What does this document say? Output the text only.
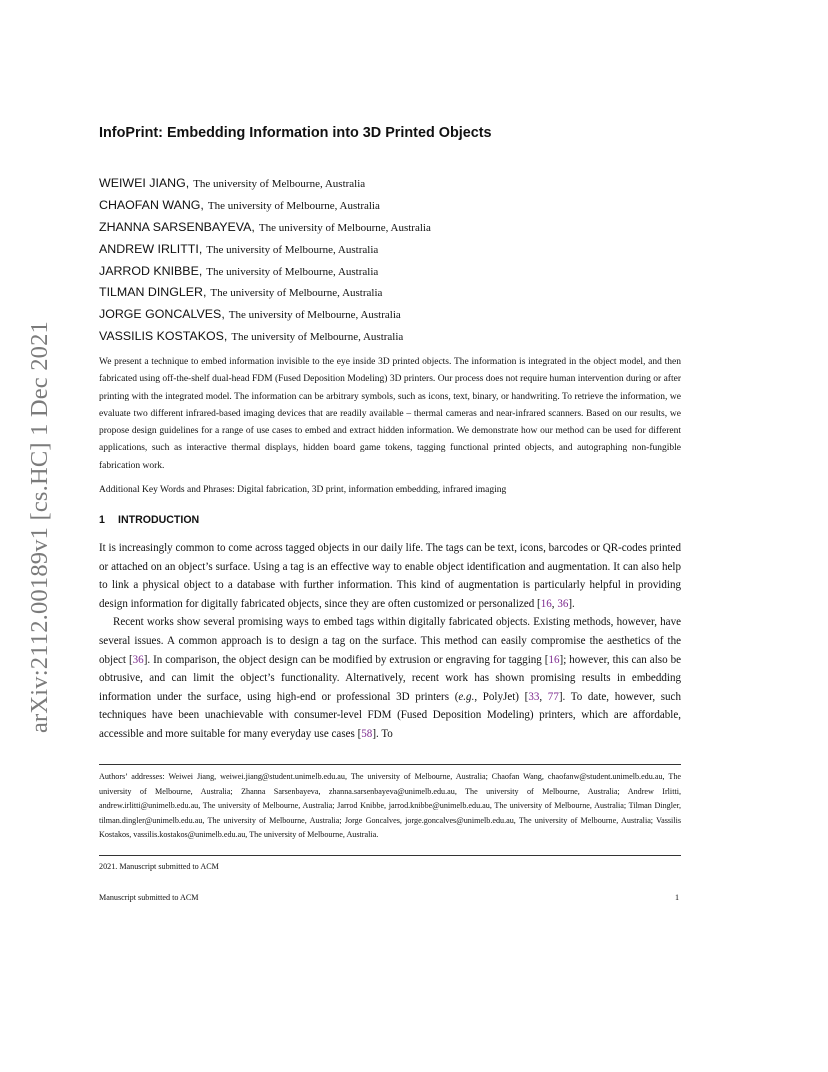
arXiv:2112.00189v1 [cs.HC] 1 Dec 2021
InfoPrint: Embedding Information into 3D Printed Objects
WEIWEI JIANG, The university of Melbourne, Australia
CHAOFAN WANG, The university of Melbourne, Australia
ZHANNA SARSENBAYEVA, The university of Melbourne, Australia
ANDREW IRLITTI, The university of Melbourne, Australia
JARROD KNIBBE, The university of Melbourne, Australia
TILMAN DINGLER, The university of Melbourne, Australia
JORGE GONCALVES, The university of Melbourne, Australia
VASSILIS KOSTAKOS, The university of Melbourne, Australia

We present a technique to embed information invisible to the eye inside 3D printed objects. The information is integrated in the object model, and then fabricated using off-the-shelf dual-head FDM (Fused Deposition Modeling) 3D printers. Our process does not require human intervention during or after printing with the integrated model. The information can be arbitrary symbols, such as icons, text, binary, or handwriting. To retrieve the information, we evaluate two different infrared-based imaging devices that are readily available – thermal cameras and near-infrared scanners. Based on our results, we propose design guidelines for a range of use cases to embed and extract hidden information. We demonstrate how our method can be used for different applications, such as interactive thermal displays, hidden board game tokens, tagging functional printed objects, and autographing non-fungible fabrication work.

Additional Key Words and Phrases: Digital fabrication, 3D print, information embedding, infrared imaging

1 INTRODUCTION

It is increasingly common to come across tagged objects in our daily life. The tags can be text, icons, barcodes or QR-codes printed or attached on an object’s surface. Using a tag is an effective way to enable object identification and augmentation. It can also help to link a physical object to a database with further information. This kind of augmentation is particularly helpful in providing design information for digitally fabricated objects, since they are often customized or personalized [16, 36].

Recent works show several promising ways to embed tags within digitally fabricated objects. Existing methods, however, have several issues. A common approach is to design a tag on the surface. This method can easily compromise the aesthetics of the object [36]. In comparison, the object design can be modified by extrusion or engraving for tagging [16]; however, this can also be obtrusive, and can limit the object’s functionality. Alternatively, recent work has shown promising results in embedding information under the surface, using high-end or professional 3D printers (e.g., PolyJet) [33, 77]. To date, however, such techniques have been unachievable with consumer-level FDM (Fused Deposition Modeling) printers, which are affordable, accessible and more suitable for many everyday use cases [58]. To

Authors’ addresses: Weiwei Jiang, weiwei.jiang@student.unimelb.edu.au, The university of Melbourne, Australia; Chaofan Wang, chaofanw@student.unimelb.edu.au, The university of Melbourne, Australia; Zhanna Sarsenbayeva, zhanna.sarsenbayeva@unimelb.edu.au, The university of Melbourne, Australia; Andrew Irlitti, andrew.irlitti@unimelb.edu.au, The university of Melbourne, Australia; Jarrod Knibbe, jarrod.knibbe@unimelb.edu.au, The university of Melbourne, Australia; Tilman Dingler, tilman.dingler@unimelb.edu.au, The university of Melbourne, Australia; Jorge Goncalves, jorge.goncalves@unimelb.edu.au, The university of Melbourne, Australia; Vassilis Kostakos, vassilis.kostakos@unimelb.edu.au, The university of Melbourne, Australia.

2021. Manuscript submitted to ACM
Manuscript submitted to ACM	1
